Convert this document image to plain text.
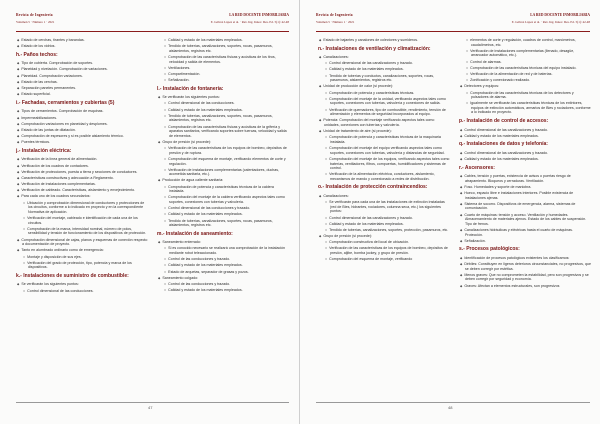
Revista de Ingeniería
Volumen 5 · Número 1 · 2021
LA RED DOCENTE INMOBILIARIA
E. Gálvez López et al. · Rev. Ing. Innov. Des. Ed. 5(1): 42-48
◆ Estado de cerchas, tirantes y barandas.
◆ Estado de los vidrios.
h.- Paños techos:
◆ Tipo de cubierta. Comprobación de soportes.
◆ Planeidad y nivelación. Comprobación de variaciones.
◆ Planeidad. Comprobación variaciones.
◆ Estado de las cerchas.
◆ Separación paneles permanentes.
◆ Estado superficial.
i.- Fachadas, cerramientos y cubiertas (5)
◆ Tipos de cerramientos. Comprobación de esquinas.
◆ Impermeabilizaciones.
◆ Comprobación variaciones en planeidad y desplomes.
◆ Estado de las juntas de dilatación.
◆ Comprobación de espesores y si es posible aislamiento térmico.
◆ Puentes térmicos.
j.- Instalación eléctrica:
◆ Verificación de la línea general de alimentación.
◆ Verificación de los cuadros de contadores.
◆ Verificación de protecciones, puesta a tierra y secciones de conductores.
◆ Características constructivas y adecuación a Reglamento.
◆ Verificación de instalaciones complementarias.
◆ Verificación de cableado. Características, aislamiento y envejecimiento.
◆ Para cada uno de los cuadros secundarios:
○ Ubicación y comprobación dimensional de conductores y protecciones de los circuitos, conforme a lo indicado en proyecto y en la correspondiente Normativa de aplicación.
○ Verificación del montaje, cableado e identificación de cada una de los circuitos.
○ Comprobación de la marca, intensidad nominal, número de polos, sensibilidad y tensión de funcionamiento de los dispositivos de protección.
◆ Comprobación dimensional de cajas, planos y esquemas de conexión respecto a documentación de proyecto.
◆ Tanto en alumbrado ordinario como de emergencia:
○ Montaje y disposición de sus ejes.
○ Verificación del grado de protección, tipo, potencia y marca de los dispositivos.
k.- Instalaciones de suministro de combustible:
◆ Se verificarán los siguientes puntos:
○ Control dimensional de las conducciones.
○ Calidad y estado de los materiales empleados.
○ Tendido de tuberías, canalizaciones, soportes, rocas, pasamuros, aislamientos, registros etc.
○ Comprobación de las características físicas y acústicas de los tiros, velocidad y salida de elementos.
○ Ventilaciones.
○ Compartimentación.
○ Señalización.
l.- Instalación de fontanería:
◆ Se verificarán los siguientes puntos:
○ Control dimensional de las conducciones.
○ Calidad y estado de los materiales empleados.
○ Tendido de tuberías, canalizaciones, soportes, rocas, pasamuros, aislamientos, registros etc.
○ Comprobación de las características físicas y acústicas de la grifería y aparatos sanitarios, verificando soportes sobre tuercas, velocidad y salida de elementos.
◆ Grupo de presión (si procede):
○ Verificación de las características de los equipos de bombeo, depósitos de presión y de ruptura.
○ Comprobación del esquema de montaje, verificando elementos de corte y regulación.
○ Verificación de instalaciones complementarias (calentadores, duchas, acometida sanitaria, etc.).
◆ Producción de agua caliente sanitaria:
○ Comprobación de potencia y características técnicas de la caldera instalada.
○ Comprobación del montaje de la caldera verificando aspectos tales como soportes, conexiones con tuberías y valvulería.
○ Control dimensional de las conducciones y trazado.
○ Calidad y estado de los materiales empleados.
○ Tendido de tuberías, canalizaciones, soportes, rocas, pasamuros, aislamientos, registros etc.
m.- Instalación de saneamiento:
◆ Saneamiento enterrado:
○ Si es conocido necesario se realizará una comprobación de la instalación mediante robot teleaccionado.
○ Control de las conducciones y trazado.
○ Calidad y estado de los materiales empleados.
○ Estado de arquetas, separador de grasas y pozos.
◆ Saneamiento colgado:
○ Control de las conducciones y trazado.
○ Calidad y estado de los materiales empleados.
47
Revista de Ingeniería
Volumen 5 · Número 1 · 2021
LA RED DOCENTE INMOBILIARIA
E. Gálvez López et al. · Rev. Ing. Innov. Des. Ed. 5(1): 42-48
◆ Estado de bajantes y canalones de colectores y sumideros.
n.- Instalaciones de ventilación y climatización:
◆ Canalizaciones:
○ Control dimensional de las canalizaciones y trazado.
○ Calidad y estado de los materiales empleados.
○ Tendido de tuberías y conductos, canalizaciones, soportes, rocas, pasamuros, aislamientos, registros etc.
◆ Unidad de producción de calor (si procede):
○ Comprobación de potencia y características técnicas.
○ Comprobación del montaje de la unidad, verificando aspectos tales como soportes, conexiones con tuberías, valvulería y conexiones de salida.
○ Verificación de quemadores, tipo de combustible, rendimiento, tensión de alimentación y elementos de seguridad incorporados al equipo.
◆ Potencia: Comprobación del montaje verificando aspectos tales como unidades, conexiones con tuberías y valvulería.
◆ Unidad de tratamiento de aire (si procede):
○ Comprobación de potencia y características técnicas de la maquinaria instalada.
○ Comprobación del montaje del equipo verificando aspectos tales como soportes, conexiones con tuberías, valvulería y distancias de seguridad.
○ Comprobación del montaje de los equipos, verificando aspectos tales como baterías, ventiladores, filtros, compuertas, humidificadores y sistemas de control.
○ Verificación de la alimentación eléctrica, conductores, aislamiento, mecanismos de mando y conexionado a redes de distribución.
o.- Instalación de protección contraincendios:
◆ Canalizaciones:
○ Se verificarán para cada una de las instalaciones de extinción instaladas (red de Bies, hidrantes, rociadores, columna seca, etc.) los siguientes puntos:
○ Control dimensional de las canalizaciones y trazado.
○ Calidad y estado de los materiales empleados.
○ Tendido de tuberías, canalizaciones, soportes, protección, pasamuros, etc.
◆ Grupo de presión (si procede):
○ Comprobación constructiva del local de ubicación.
○ Verificación de las características de los equipos de bombeo, depósitos de presión, aljibe, bomba jockey, y grupo de presión.
○ Comprobación del esquema de montaje, verificando
○ elementos de corte y regulación, cuadros de control, manómetros, caudalímetros, etc.
○ Verificación de instalaciones complementarias (llenado, desagüe, arrancador automático, etc.).
○ Control de alarmas.
○ Comprobación de las características técnicas del equipo instalado.
○ Verificación de la alimentación de red y de baterías.
○ Zonificación y conexionado realizado.
◆ Detectores y equipos:
○ Comprobación de las características técnicas de los detectores y pulsadores de alarma.
○ Igualmente se verificarán las características técnicas de los extintores, equipos de extinción automáticos, armarios de Bies y rociadores, conforme a lo indicado en proyecto.
p.- Instalación de control de accesos:
◆ Control dimensional de las canalizaciones y trazado.
◆ Calidad y estado de los materiales empleados.
q.- Instalaciones de datos y telefonía:
◆ Control dimensional de las canalizaciones y trazado.
◆ Calidad y estado de los materiales empleados.
r.- Ascensores:
◆ Cables, tensión y puertas, existencia de avisos o puertas riesgo de atrapamiento. Bloqueos y cerraduras. Ventilación.
◆ Foso. Humedades y soporte de maniobra.
◆ Hueco, espacio libre e instalaciones interiores. Posible existencia de instalaciones ajenas.
◆ Sistema de socorro. Dispositivos de emergencia, alarma, sistemas de comunicación.
◆ Cuarto de máquinas: tensión y acceso. Ventilación y humedades. Almacenamiento de materiales ajenos. Estado de los cables de suspensión. Tipo de frenos.
◆ Canalizaciones hidráulicas y eléctricas hasta el cuarto de máquinas. Protección.
◆ Señalización.
s.- Procesos patológicos:
◆ Identificación de procesos patológicos existentes los clasificamos:
◆ Débiles: Constituyen en ligeros deterioros circunstanciales, no progresivos, que se deben corregir por estética.
◆ Menos graves: Que no comprometen la estabilidad, pero son progresivos y se deben corregir por seguridad y economía.
◆ Graves: Afectan a elementos estructurales, son progresivos
48
